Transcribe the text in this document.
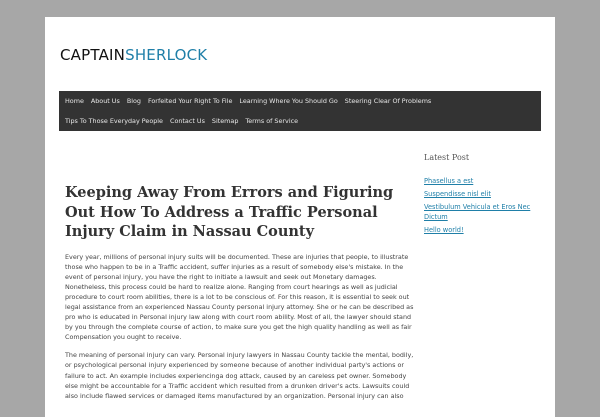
CAPTAINSHERLOCK
Home	About Us	Blog	Forfeited Your Right To File	Learning Where You Should Go	Steering Clear Of Problems
Tips To Those Everyday People	Contact Us	Sitemap	Terms of Service
Latest Post
Phasellus a est
Suspendisse nisl elit
Vestibulum Vehicula et Eros Nec Dictum
Hello world!
Keeping Away From Errors and Figuring Out How To Address a Traffic Personal Injury Claim in Nassau County

Every year, millions of personal injury suits will be documented. These are injuries that people, to illustrate those who happen to be in a Traffic accident, suffer injuries as a result of somebody else's mistake. In the event of personal injury, you have the right to initiate a lawsuit and seek out Monetary damages. Nonetheless, this process could be hard to realize alone. Ranging from court hearings as well as judicial procedure to court room abilities, there is a lot to be conscious of. For this reason, it is essential to seek out legal assistance from an experienced Nassau County personal injury attorney. She or he can be described as pro who is educated in Personal injury law along with court room ability. Most of all, the lawyer should stand by you through the complete course of action, to make sure you get the high quality handling as well as fair Compensation you ought to receive.

The meaning of personal injury can vary. Personal injury lawyers in Nassau County tackle the mental, bodily, or psychological personal injury experienced by someone because of another individual party's actions or failure to act. An example includes experiencinga dog attack, caused by an careless pet owner. Somebody else might be accountable for a Traffic accident which resulted from a drunken driver's acts. Lawsuits could also include flawed services or damaged items manufactured by an organization. Personal injury can also
